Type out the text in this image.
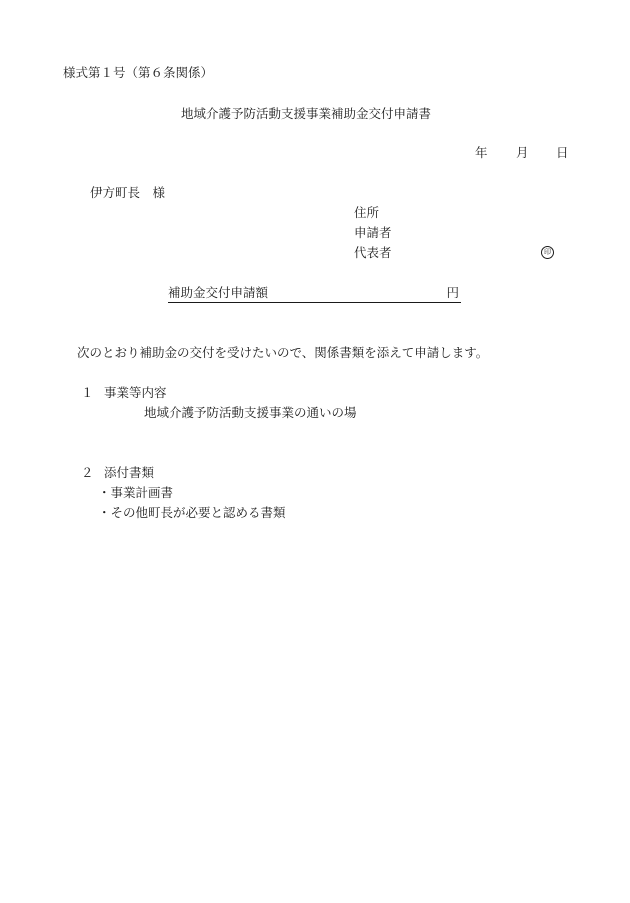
様式第１号（第６条関係）
地域介護予防活動支援事業補助金交付申請書
年 月 日
伊方町長　様
住所
申請者
代表者	印
補助金交付申請額	円
次のとおり補助金の交付を受けたいので、関係書類を添えて申請します。
１ 事業等内容
地域介護予防活動支援事業の通いの場
２ 添付書類
・事業計画書
・その他町長が必要と認める書類
